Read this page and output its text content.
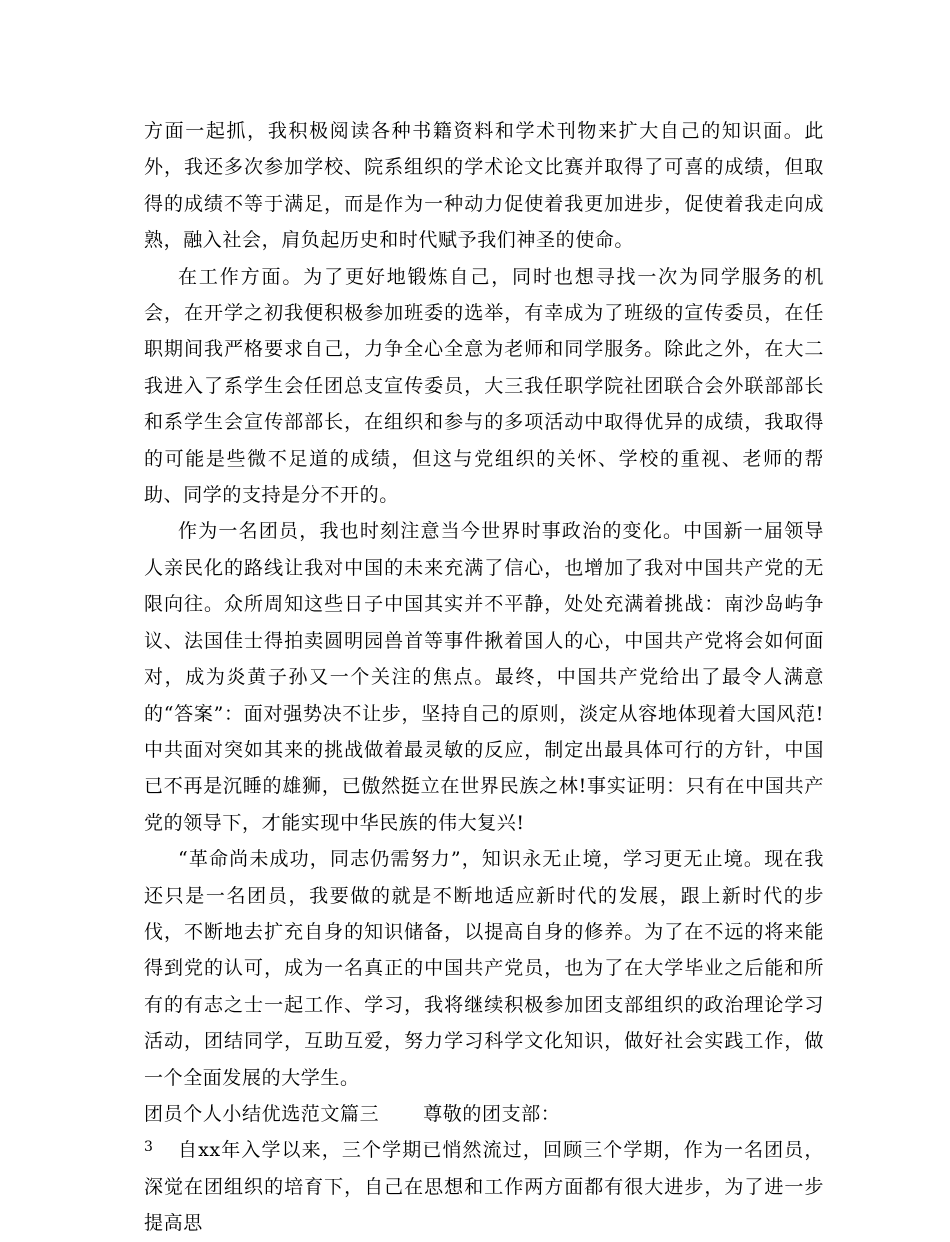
方面一起抓，我积极阅读各种书籍资料和学术刊物来扩大自己的知识面。此外，我还多次参加学校、院系组织的学术论文比赛并取得了可喜的成绩，但取得的成绩不等于满足，而是作为一种动力促使着我更加进步，促使着我走向成熟，融入社会，肩负起历史和时代赋予我们神圣的使命。

在工作方面。为了更好地锻炼自己，同时也想寻找一次为同学服务的机会，在开学之初我便积极参加班委的选举，有幸成为了班级的宣传委员，在任职期间我严格要求自己，力争全心全意为老师和同学服务。除此之外，在大二我进入了系学生会任团总支宣传委员，大三我任职学院社团联合会外联部部长和系学生会宣传部部长，在组织和参与的多项活动中取得优异的成绩，我取得的可能是些微不足道的成绩，但这与党组织的关怀、学校的重视、老师的帮助、同学的支持是分不开的。

作为一名团员，我也时刻注意当今世界时事政治的变化。中国新一届领导人亲民化的路线让我对中国的未来充满了信心，也增加了我对中国共产党的无限向往。众所周知这些日子中国其实并不平静，处处充满着挑战：南沙岛屿争议、法国佳士得拍卖圆明园兽首等事件揪着国人的心，中国共产党将会如何面对，成为炎黄子孙又一个关注的焦点。最终，中国共产党给出了最令人满意的“答案”：面对强势决不让步，坚持自己的原则，淡定从容地体现着大国风范!中共面对突如其来的挑战做着最灵敏的反应，制定出最具体可行的方针，中国已不再是沉睡的雄狮，已傲然挺立在世界民族之林!事实证明：只有在中国共产党的领导下，才能实现中华民族的伟大复兴!

“革命尚未成功，同志仍需努力”，知识永无止境，学习更无止境。现在我还只是一名团员，我要做的就是不断地适应新时代的发展，跟上新时代的步伐，不断地去扩充自身的知识储备，以提高自身的修养。为了在不远的将来能得到党的认可，成为一名真正的中国共产党员，也为了在大学毕业之后能和所有的有志之士一起工作、学习，我将继续积极参加团支部组织的政治理论学习活动，团结同学，互助互爱，努力学习科学文化知识，做好社会实践工作，做一个全面发展的大学生。

团员个人小结优选范文篇三 尊敬的团支部：

自xx年入学以来，三个学期已悄然流过，回顾三个学期，作为一名团员，深觉在团组织的培育下，自己在思想和工作两方面都有很大进步，为了进一步提高思

3
